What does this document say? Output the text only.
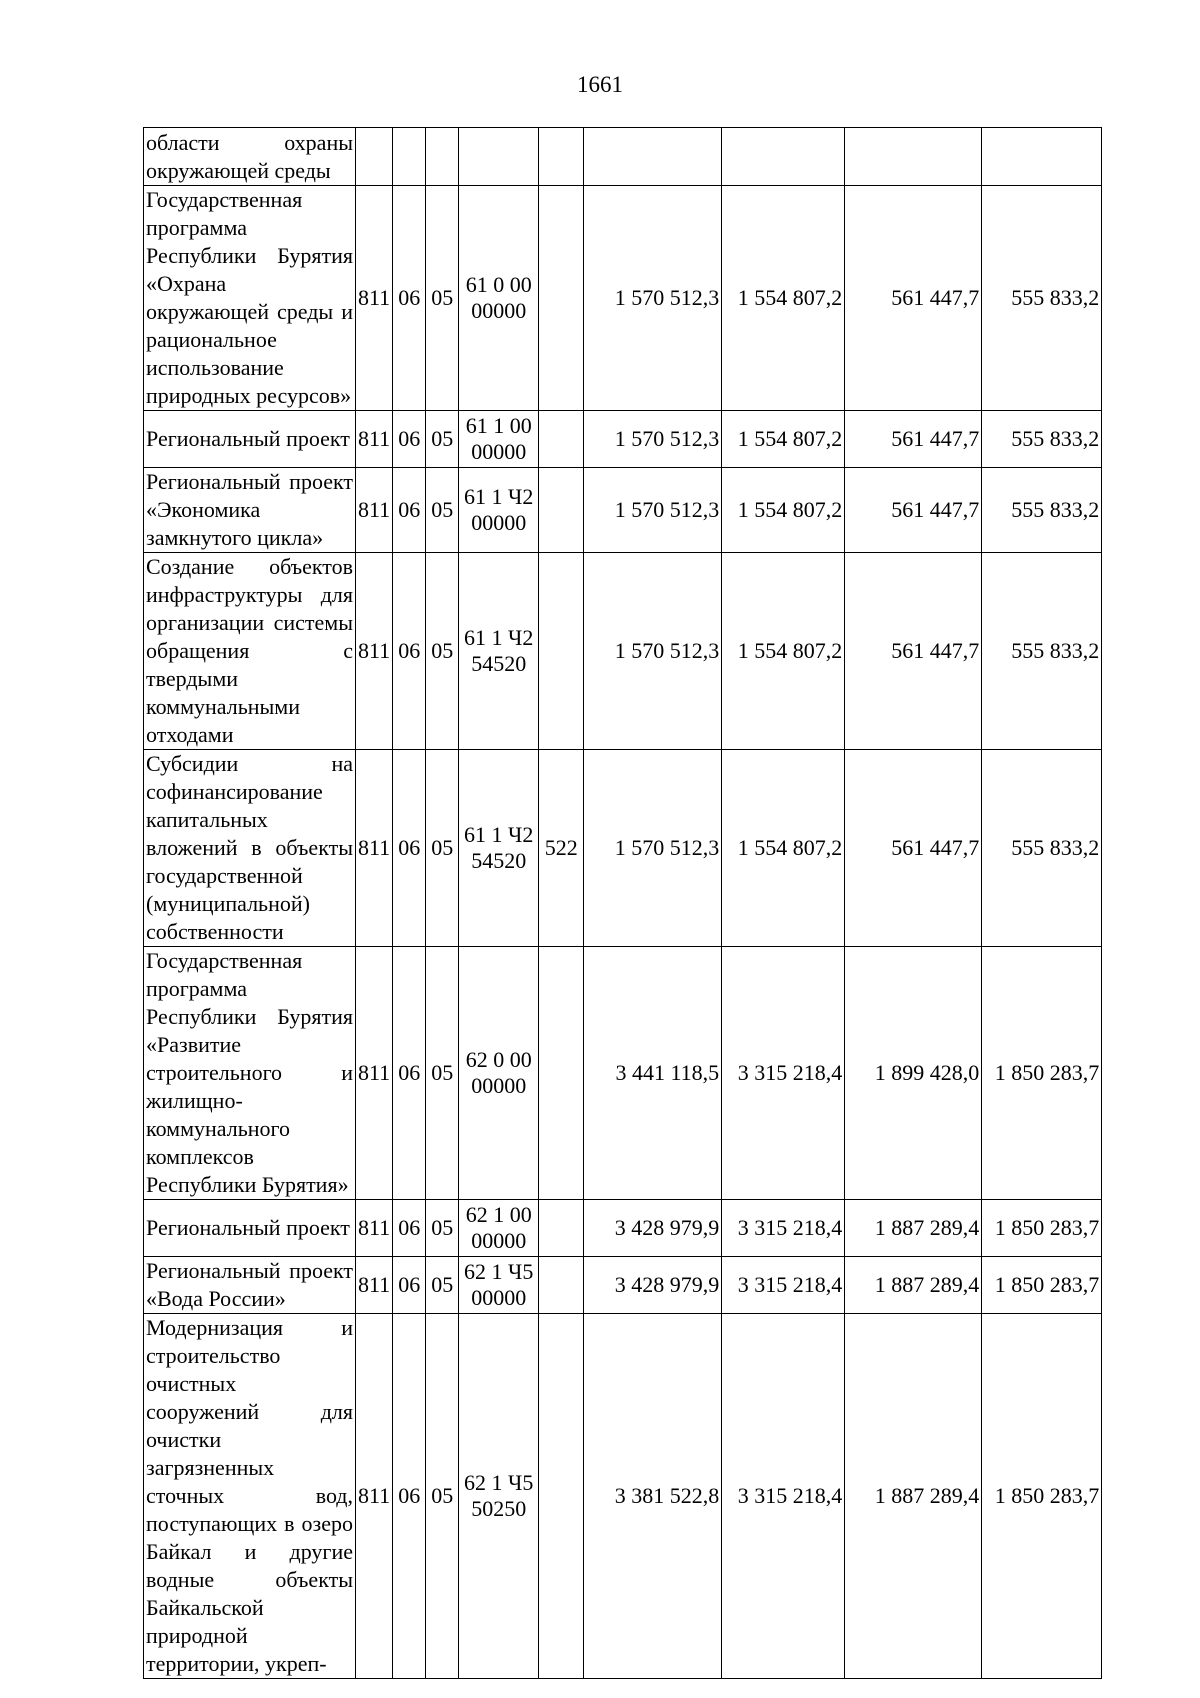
1661
области охраны окружающей среды									
Государственная программа Республики Бурятия «Охрана окружающей среды и рациональное использование природных ресурсов»	811	06	05	61 0 00 00000		1 570 512,3	1 554 807,2	561 447,7	555 833,2
Региональный проект	811	06	05	61 1 00 00000		1 570 512,3	1 554 807,2	561 447,7	555 833,2
Региональный проект «Экономика замкнутого цикла»	811	06	05	61 1 Ч2 00000		1 570 512,3	1 554 807,2	561 447,7	555 833,2
Создание объектов инфраструктуры для организации системы обращения с твердыми коммунальными отходами	811	06	05	61 1 Ч2 54520		1 570 512,3	1 554 807,2	561 447,7	555 833,2
Субсидии на софинансирование капитальных вложений в объекты государственной (муниципальной) собственности	811	06	05	61 1 Ч2 54520	522	1 570 512,3	1 554 807,2	561 447,7	555 833,2
Государственная программа Республики Бурятия «Развитие строительного и жилищно-коммунального комплексов Республики Бурятия»	811	06	05	62 0 00 00000		3 441 118,5	3 315 218,4	1 899 428,0	1 850 283,7
Региональный проект	811	06	05	62 1 00 00000		3 428 979,9	3 315 218,4	1 887 289,4	1 850 283,7
Региональный проект «Вода России»	811	06	05	62 1 Ч5 00000		3 428 979,9	3 315 218,4	1 887 289,4	1 850 283,7
Модернизация и строительство очистных сооружений для очистки загрязненных сточных вод, поступающих в озеро Байкал и другие водные объекты Байкальской природной территории, укреп-	811	06	05	62 1 Ч5 50250		3 381 522,8	3 315 218,4	1 887 289,4	1 850 283,7
